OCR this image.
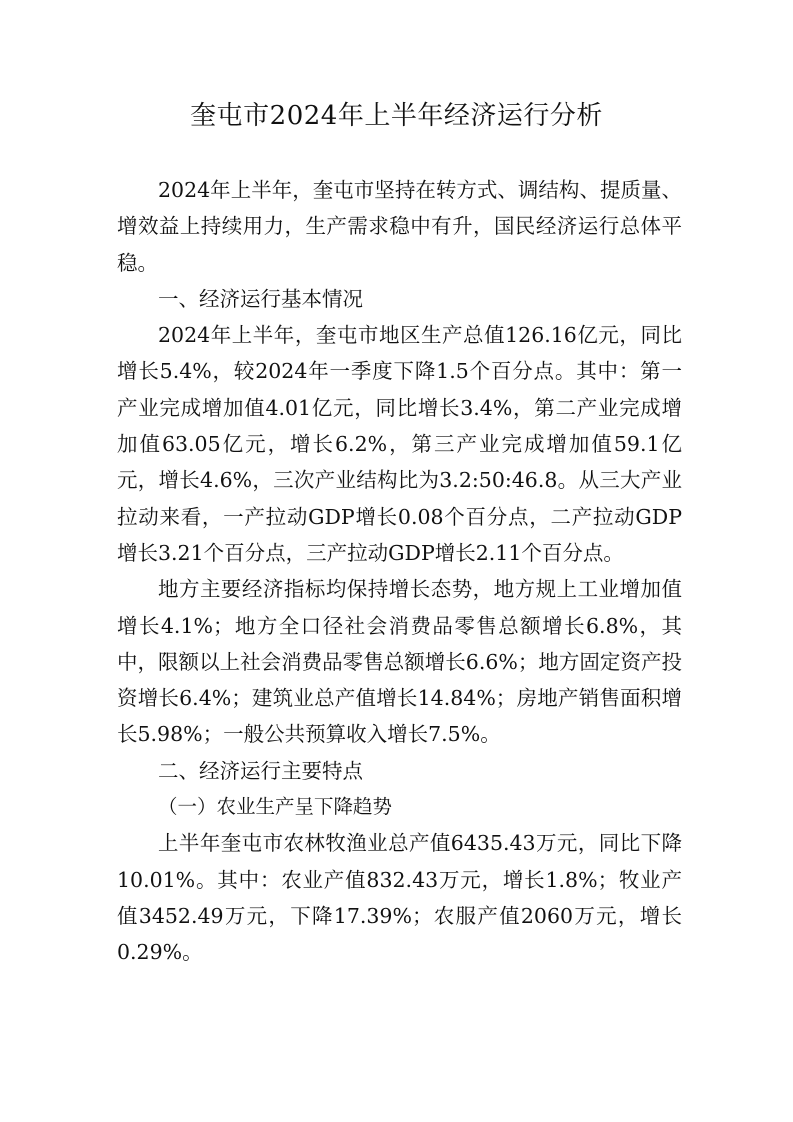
奎屯市2024年上半年经济运行分析

2024年上半年，奎屯市坚持在转方式、调结构、提质量、增效益上持续用力，生产需求稳中有升，国民经济运行总体平稳。

一、经济运行基本情况

2024年上半年，奎屯市地区生产总值126.16亿元，同比增长5.4%，较2024年一季度下降1.5个百分点。其中：第一产业完成增加值4.01亿元，同比增长3.4%，第二产业完成增加值63.05亿元，增长6.2%，第三产业完成增加值59.1亿元，增长4.6%，三次产业结构比为3.2:50:46.8。从三大产业拉动来看，一产拉动GDP增长0.08个百分点，二产拉动GDP增长3.21个百分点，三产拉动GDP增长2.11个百分点。

地方主要经济指标均保持增长态势，地方规上工业增加值增长4.1%；地方全口径社会消费品零售总额增长6.8%，其中，限额以上社会消费品零售总额增长6.6%；地方固定资产投资增长6.4%；建筑业总产值增长14.84%；房地产销售面积增长5.98%；一般公共预算收入增长7.5%。

二、经济运行主要特点

（一）农业生产呈下降趋势

上半年奎屯市农林牧渔业总产值6435.43万元，同比下降10.01%。其中：农业产值832.43万元，增长1.8%；牧业产值3452.49万元，下降17.39%；农服产值2060万元，增长0.29%。
